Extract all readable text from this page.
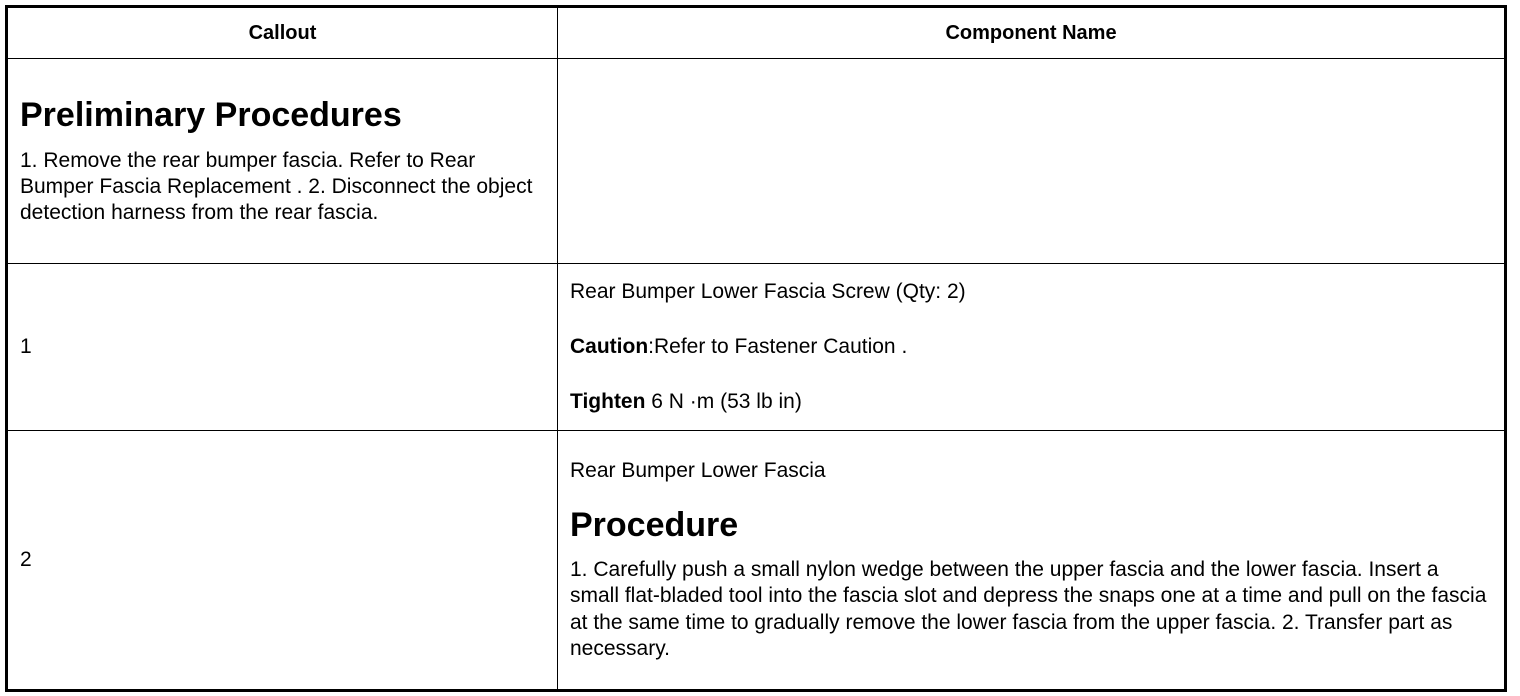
Callout	Component Name

Preliminary Procedures

1. Remove the rear bumper fascia. Refer to Rear Bumper Fascia Replacement . 2. Disconnect the object detection harness from the rear fascia.	

1	Rear Bumper Lower Fascia Screw (Qty: 2)

Caution:Refer to Fastener Caution .

Tighten 6 N ·m (53 lb in)

2	Rear Bumper Lower Fascia

Procedure

1. Carefully push a small nylon wedge between the upper fascia and the lower fascia. Insert a small flat-bladed tool into the fascia slot and depress the snaps one at a time and pull on the fascia at the same time to gradually remove the lower fascia from the upper fascia. 2. Transfer part as necessary.
